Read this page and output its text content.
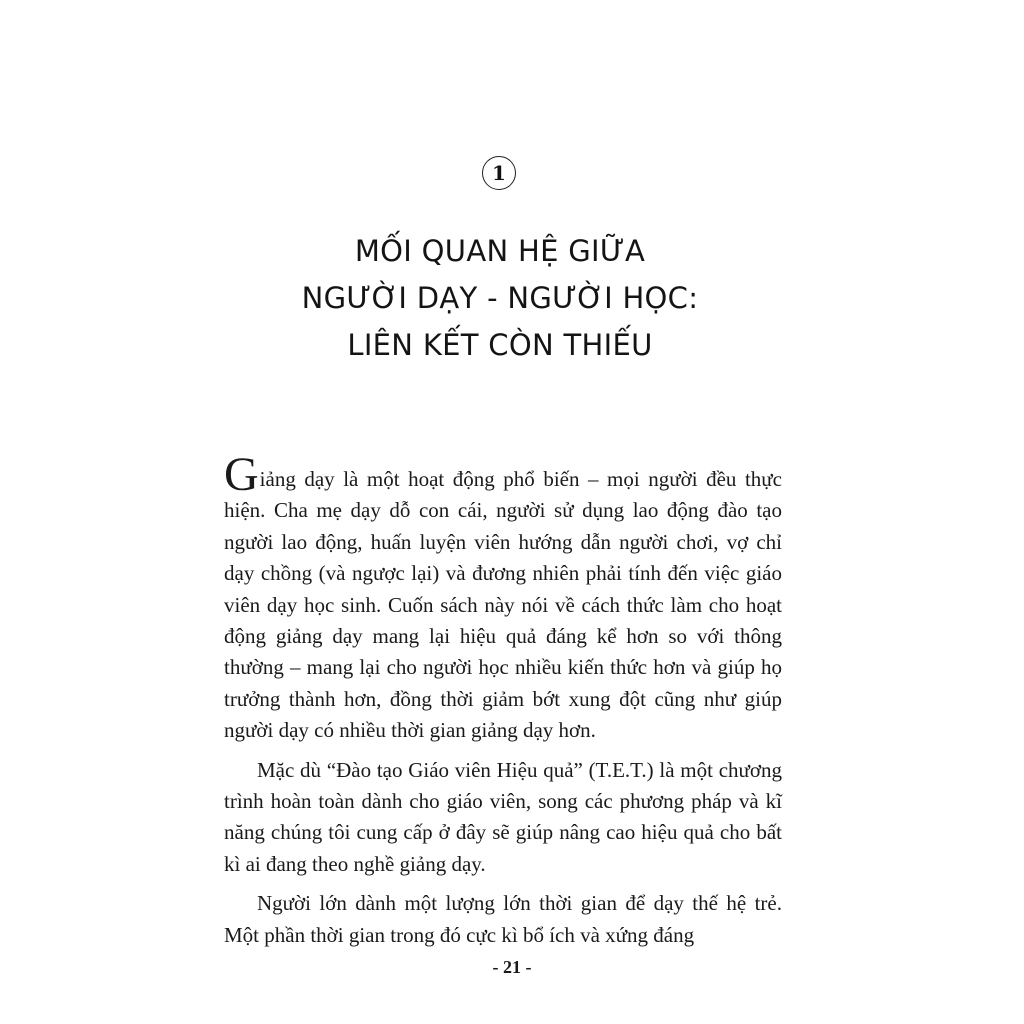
1
MỐI QUAN HỆ GIỮA
NGƯỜI DẠY - NGƯỜI HỌC:
LIÊN KẾT CÒN THIẾU

Giảng dạy là một hoạt động phổ biến – mọi người đều thực hiện. Cha mẹ dạy dỗ con cái, người sử dụng lao động đào tạo người lao động, huấn luyện viên hướng dẫn người chơi, vợ chỉ dạy chồng (và ngược lại) và đương nhiên phải tính đến việc giáo viên dạy học sinh. Cuốn sách này nói về cách thức làm cho hoạt động giảng dạy mang lại hiệu quả đáng kể hơn so với thông thường – mang lại cho người học nhiều kiến thức hơn và giúp họ trưởng thành hơn, đồng thời giảm bớt xung đột cũng như giúp người dạy có nhiều thời gian giảng dạy hơn.

Mặc dù “Đào tạo Giáo viên Hiệu quả” (T.E.T.) là một chương trình hoàn toàn dành cho giáo viên, song các phương pháp và kĩ năng chúng tôi cung cấp ở đây sẽ giúp nâng cao hiệu quả cho bất kì ai đang theo nghề giảng dạy.

Người lớn dành một lượng lớn thời gian để dạy thế hệ trẻ. Một phần thời gian trong đó cực kì bổ ích và xứng đáng

- 21 -
